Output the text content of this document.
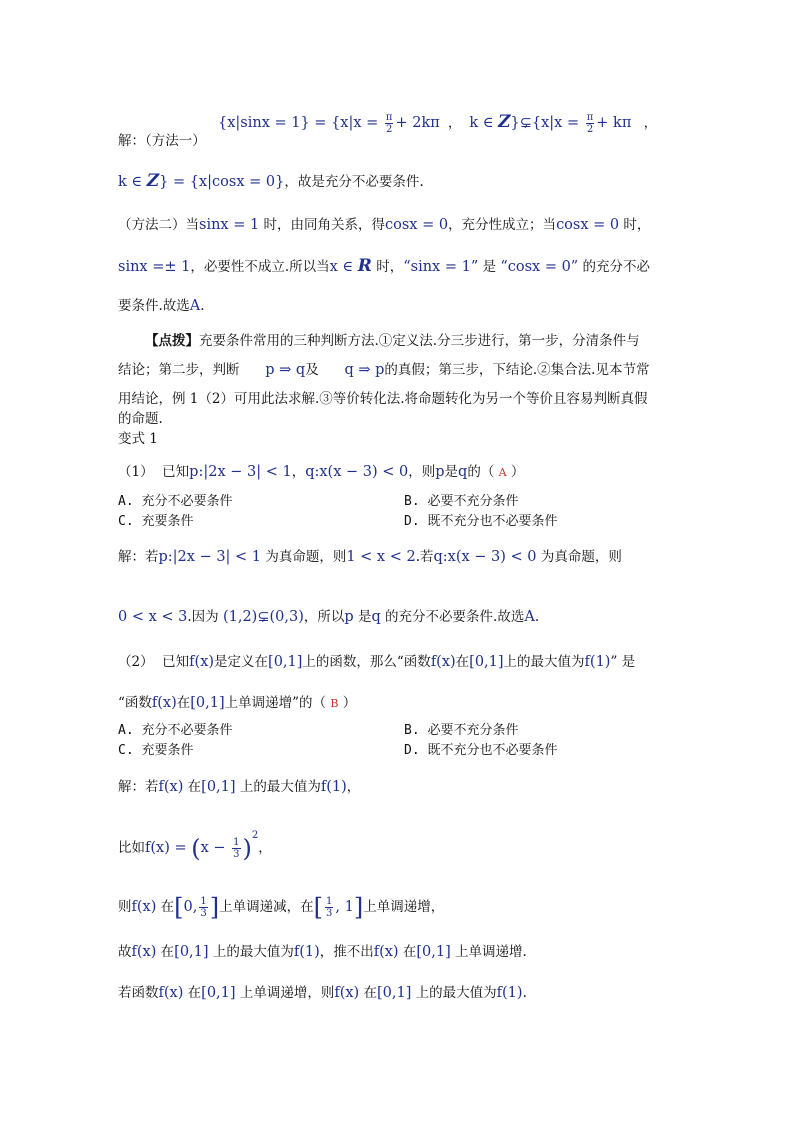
解：（方法一）
$\{x|\sin x = 1\} = \{x|x = \frac{\pi}{2} + 2k\pi$  ，  k ∈ Z}⊊{x|x = $\frac{\pi}{2} + k\pi$   ，
k ∈ Z} = {x|cosx = 0}，故是充分不必要条件.
（方法二）当sinx = 1 时，由同角关系，得cosx = 0，充分性成立；当cosx = 0 时，
sinx =± 1，必要性不成立.所以当x ∈ R 时，“sinx = 1” 是 “cosx = 0” 的充分不必
要条件.故选A.
【点拨】充要条件常用的三种判断方法.①定义法.分三步进行，第一步，分清条件与
结论；第二步，判断      p ⇒ q及      q ⇒ p的真假；第三步，下结论.②集合法.见本节常
用结论，例 1（2）可用此法求解.③等价转化法.将命题转化为另一个等价且容易判断真假
的命题.
变式 1
（1）  已知p:|2x − 3| < 1，q:x(x − 3) < 0，则p是q的（ A ）
A. 充分不必要条件	B. 必要不充分条件
C. 充要条件	D. 既不充分也不必要条件
解：若p:|2x − 3| < 1 为真命题，则1 < x < 2.若q:x(x − 3) < 0 为真命题，则
0 < x < 3.因为 (1,2)⊊(0,3)，所以p 是q 的充分不必要条件.故选A.
（2）  已知f(x)是定义在[0,1]上的函数，那么“函数f(x)在[0,1]上的最大值为f(1)” 是
“函数f(x)在[0,1]上单调递增”的（ B ）
A. 充分不必要条件	B. 必要不充分条件
C. 充要条件	D. 既不充分也不必要条件
解：若f(x) 在[0,1] 上的最大值为f(1)，
比如$f(x) = (x - \frac{1}{3} )^2$，
则f(x) 在[0, $\frac{1}{3}$ ]上单调递减，在[ $\frac{1}{3}$ , 1]上单调递增，
故f(x) 在[0,1] 上的最大值为f(1)，推不出f(x) 在[0,1] 上单调递增.
若函数f(x) 在[0,1] 上单调递增，则f(x) 在[0,1] 上的最大值为f(1).
